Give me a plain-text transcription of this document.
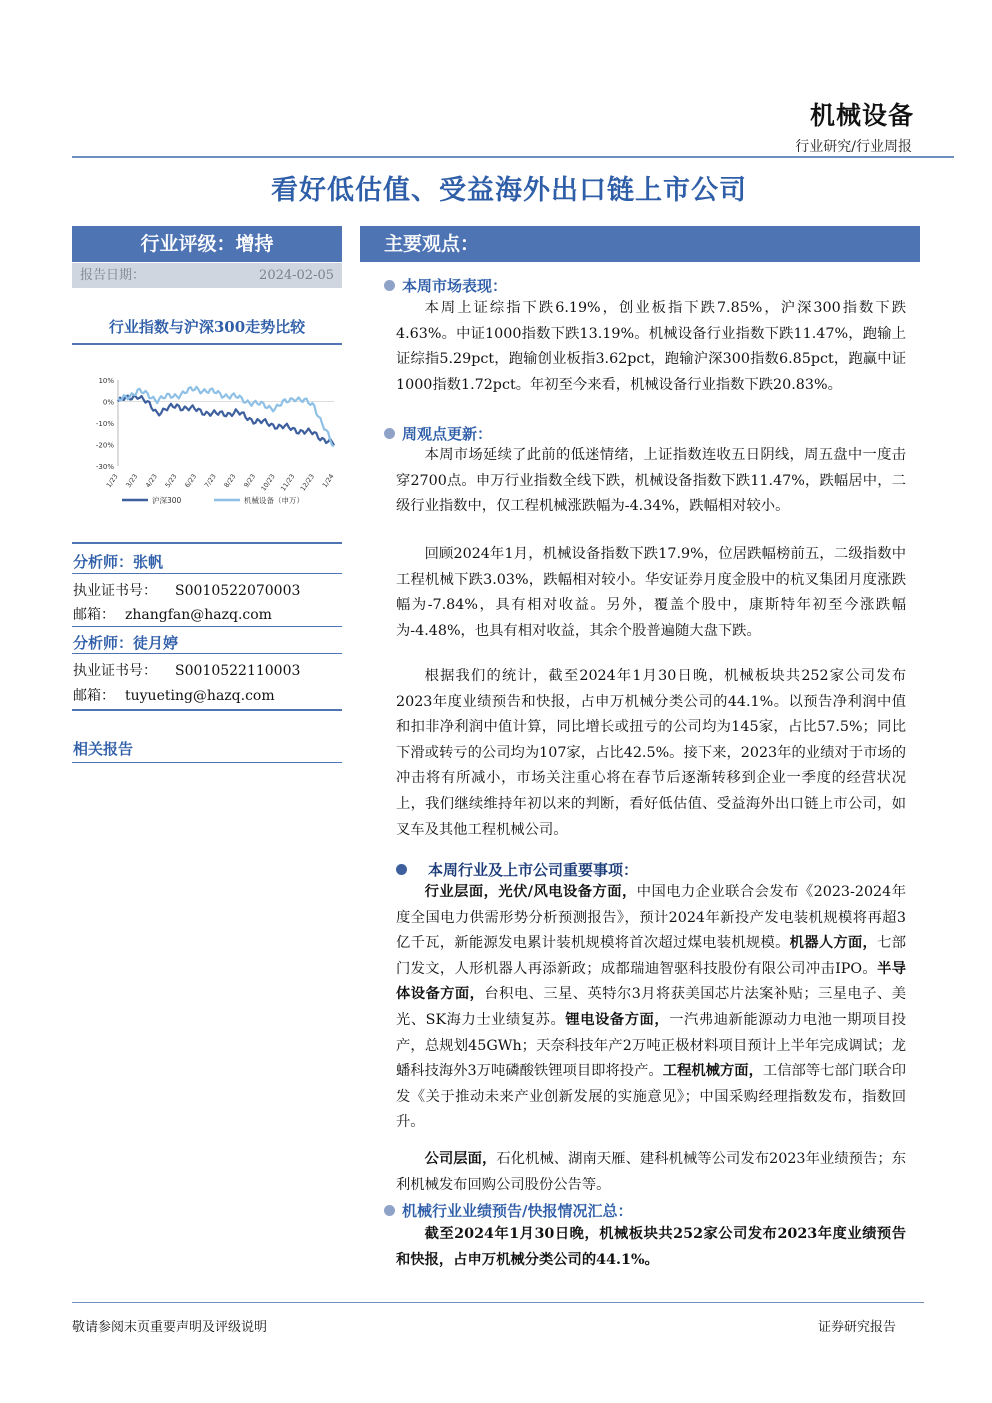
机械设备
行业研究/行业周报
看好低估值、受益海外出口链上市公司
行业评级：增持
报告日期：	2024-02-05
行业指数与沪深300走势比较
10%
0%
-10%
-20%
-30%
1/23 3/23 4/23 5/23 6/23 7/23 8/23 9/23 10/23 11/23 12/23 1/24
沪深300	机械设备（申万）
分析师：张帆
执业证书号： S0010522070003
邮箱： zhangfan@hazq.com
分析师：徒月婷
执业证书号： S0010522110003
邮箱： tuyueting@hazq.com
相关报告
主要观点：
本周市场表现：

本周上证综指下跌6.19%，创业板指下跌7.85%，沪深300指数下跌4.63%。中证1000指数下跌13.19%。机械设备行业指数下跌11.47%，跑输上证综指5.29pct，跑输创业板指3.62pct，跑输沪深300指数6.85pct，跑赢中证1000指数1.72pct。年初至今来看，机械设备行业指数下跌20.83%。

周观点更新：

本周市场延续了此前的低迷情绪，上证指数连收五日阴线，周五盘中一度击穿2700点。申万行业指数全线下跌，机械设备指数下跌11.47%，跌幅居中，二级行业指数中，仅工程机械涨跌幅为-4.34%，跌幅相对较小。

回顾2024年1月，机械设备指数下跌17.9%，位居跌幅榜前五，二级指数中工程机械下跌3.03%，跌幅相对较小。华安证券月度金股中的杭叉集团月度涨跌幅为-7.84%，具有相对收益。另外，覆盖个股中，康斯特年初至今涨跌幅为-4.48%，也具有相对收益，其余个股普遍随大盘下跌。

根据我们的统计，截至2024年1月30日晚，机械板块共252家公司发布2023年度业绩预告和快报，占申万机械分类公司的44.1%。以预告净利润中值和扣非净利润中值计算，同比增长或扭亏的公司均为145家，占比57.5%；同比下滑或转亏的公司均为107家，占比42.5%。接下来，2023年的业绩对于市场的冲击将有所减小，市场关注重心将在春节后逐渐转移到企业一季度的经营状况上，我们继续维持年初以来的判断，看好低估值、受益海外出口链上市公司，如叉车及其他工程机械公司。

本周行业及上市公司重要事项：

行业层面，光伏/风电设备方面，中国电力企业联合会发布《2023-2024年度全国电力供需形势分析预测报告》，预计2024年新投产发电装机规模将再超3亿千瓦，新能源发电累计装机规模将首次超过煤电装机规模。机器人方面，七部门发文，人形机器人再添新政；成都瑞迪智驱科技股份有限公司冲击IPO。半导体设备方面，台积电、三星、英特尔3月将获美国芯片法案补贴；三星电子、美光、SK海力士业绩复苏。锂电设备方面，一汽弗迪新能源动力电池一期项目投产，总规划45GWh；天奈科技年产2万吨正极材料项目预计上半年完成调试；龙蟠科技海外3万吨磷酸铁锂项目即将投产。工程机械方面，工信部等七部门联合印发《关于推动未来产业创新发展的实施意见》；中国采购经理指数发布，指数回升。

公司层面，石化机械、湖南天雁、建科机械等公司发布2023年业绩预告；东利机械发布回购公司股份公告等。

机械行业业绩预告/快报情况汇总：

截至2024年1月30日晚，机械板块共252家公司发布2023年度业绩预告和快报，占申万机械分类公司的44.1%。

敬请参阅末页重要声明及评级说明	证券研究报告
